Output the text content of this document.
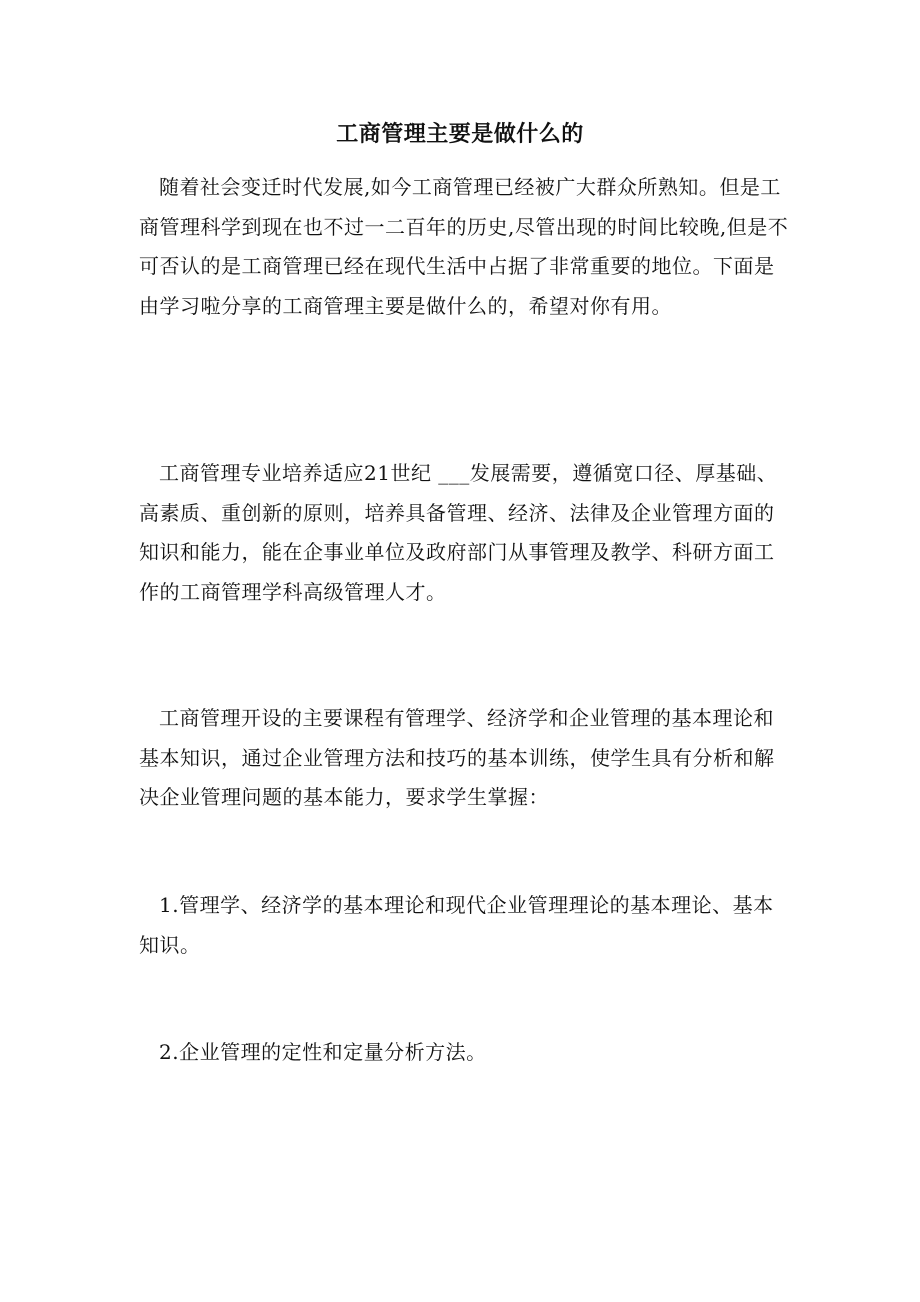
工商管理主要是做什么的

随着社会变迁时代发展,如今工商管理已经被广大群众所熟知。但是工商管理科学到现在也不过一二百年的历史,尽管出现的时间比较晚,但是不可否认的是工商管理已经在现代生活中占据了非常重要的地位。下面是由学习啦分享的工商管理主要是做什么的，希望对你有用。

工商管理专业培养适应21世纪 ___发展需要，遵循宽口径、厚基础、高素质、重创新的原则，培养具备管理、经济、法律及企业管理方面的知识和能力，能在企事业单位及政府部门从事管理及教学、科研方面工作的工商管理学科高级管理人才。

工商管理开设的主要课程有管理学、经济学和企业管理的基本理论和基本知识，通过企业管理方法和技巧的基本训练，使学生具有分析和解决企业管理问题的基本能力，要求学生掌握：

1.管理学、经济学的基本理论和现代企业管理理论的基本理论、基本知识。

2.企业管理的定性和定量分析方法。
